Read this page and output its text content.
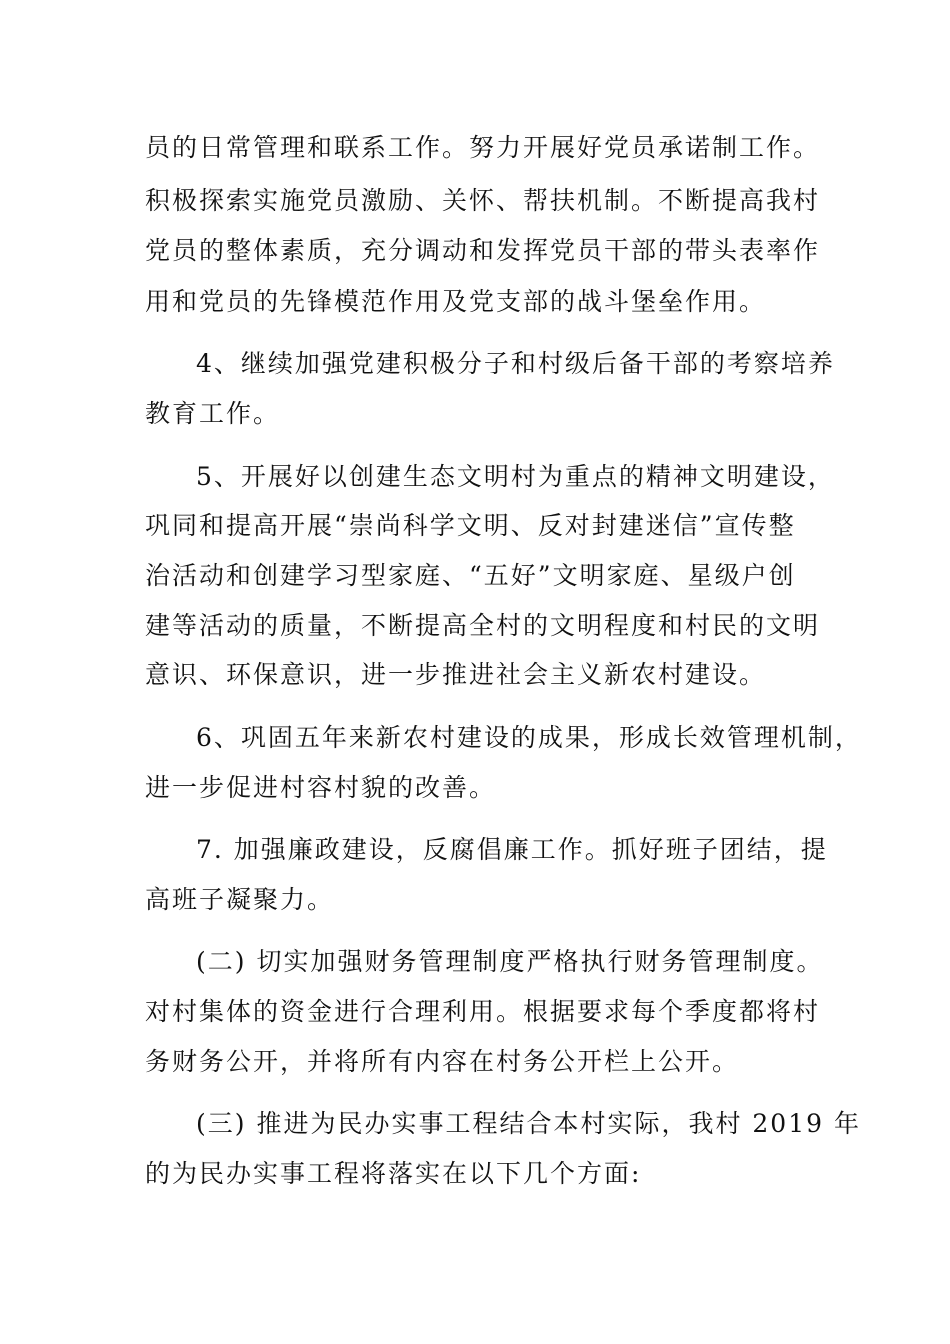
员的日常管理和联系工作。努力开展好党员承诺制工作。
积极探索实施党员激励、关怀、帮扶机制。不断提高我村
党员的整体素质，充分调动和发挥党员干部的带头表率作
用和党员的先锋模范作用及党支部的战斗堡垒作用。
4、继续加强党建积极分子和村级后备干部的考察培养
教育工作。
5、开展好以创建生态文明村为重点的精神文明建设，
巩同和提高开展“崇尚科学文明、反对封建迷信”宣传整
治活动和创建学习型家庭、“五好”文明家庭、星级户创
建等活动的质量，不断提高全村的文明程度和村民的文明
意识、环保意识，进一步推进社会主义新农村建设。
6、巩固五年来新农村建设的成果，形成长效管理机制，
进一步促进村容村貌的改善。
7. 加强廉政建设，反腐倡廉工作。抓好班子团结，提
高班子凝聚力。
(二) 切实加强财务管理制度严格执行财务管理制度。
对村集体的资金进行合理利用。根据要求每个季度都将村
务财务公开，并将所有内容在村务公开栏上公开。
(三) 推进为民办实事工程结合本村实际，我村 2019 年
的为民办实事工程将落实在以下几个方面:
